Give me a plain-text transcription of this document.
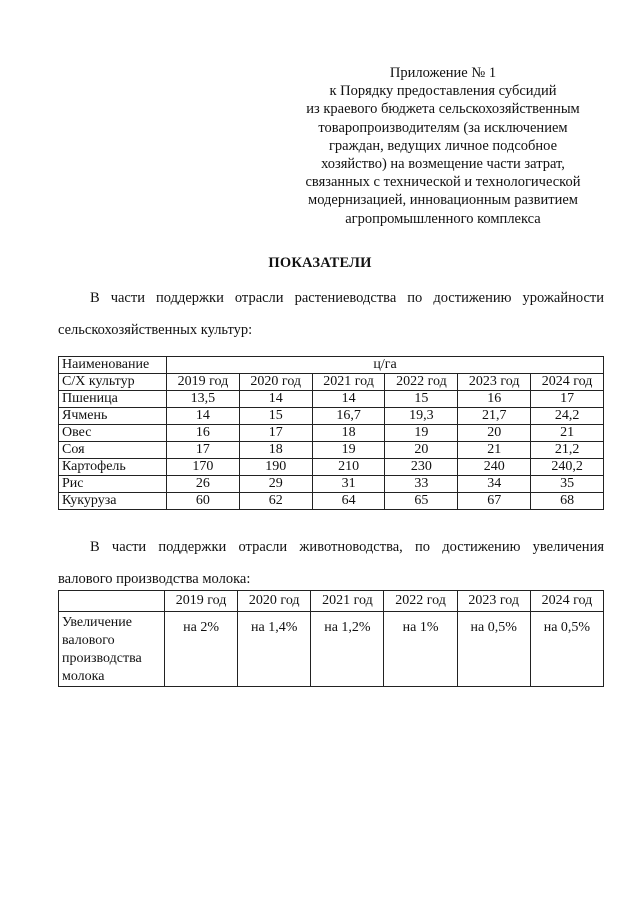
Приложение № 1
к Порядку предоставления субсидий
из краевого бюджета сельскохозяйственным
товаропроизводителям (за исключением
граждан, ведущих личное подсобное
хозяйство) на возмещение части затрат,
связанных с технической и технологической
модернизацией, инновационным развитием
агропромышленного комплекса
ПОКАЗАТЕЛИ
В части поддержки отрасли растениеводства по достижению урожайности
сельскохозяйственных культур:
Наименование	ц/га					
С/Х культур	2019 год	2020 год	2021 год	2022 год	2023 год	2024 год
Пшеница	13,5	14	14	15	16	17
Ячмень	14	15	16,7	19,3	21,7	24,2
Овес	16	17	18	19	20	21
Соя	17	18	19	20	21	21,2
Картофель	170	190	210	230	240	240,2
Рис	26	29	31	33	34	35
Кукуруза	60	62	64	65	67	68
В части поддержки отрасли животноводства, по достижению увеличения
валового производства молока:
	2019 год	2020 год	2021 год	2022 год	2023 год	2024 год

Увеличение
валового
производства
молока	на 2%	на 1,4%	на 1,2%	на 1%	на 0,5%	на 0,5%
